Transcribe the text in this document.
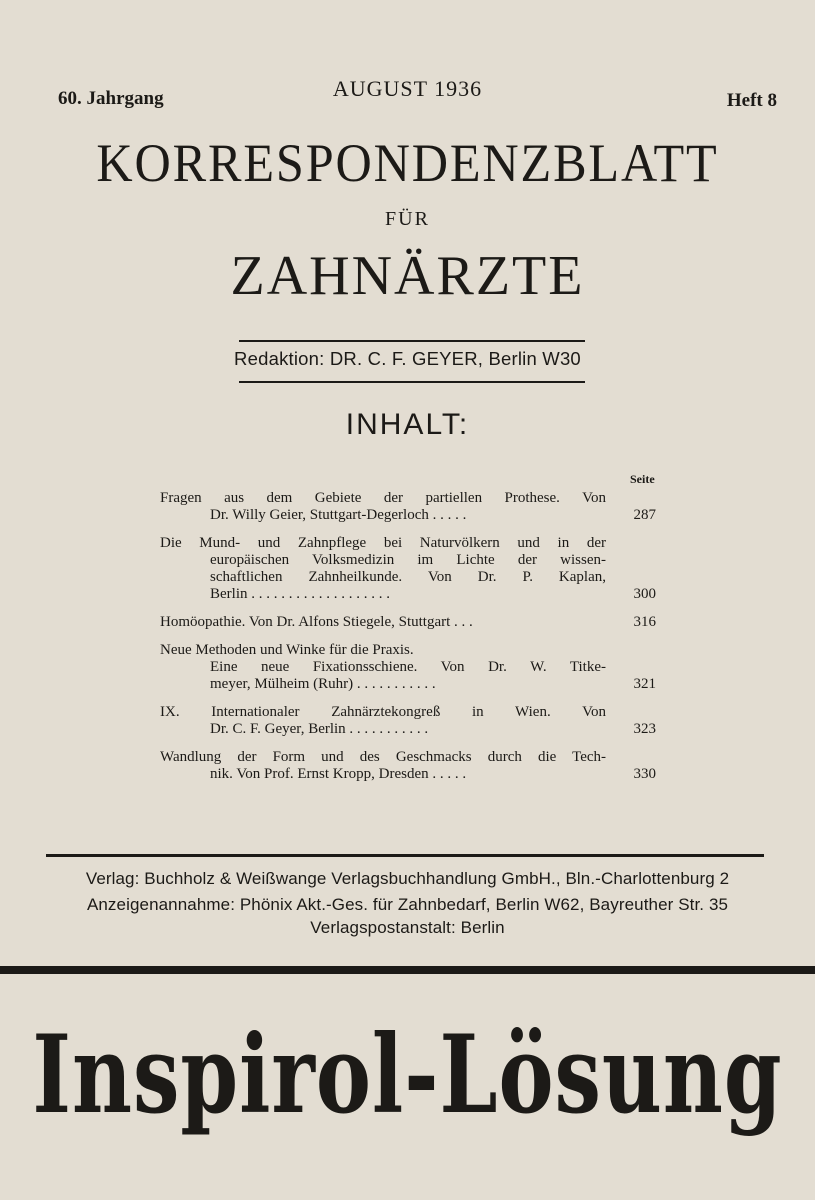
60. Jahrgang	AUGUST 1936	Heft 8
KORRESPONDENZBLATT
FÜR
ZAHNÄRZTE
Redaktion: DR. C. F. GEYER, Berlin W30
INHALT:
Seite
Fragen aus dem Gebiete der partiellen Prothese. Von
Dr. Willy Geier, Stuttgart-Degerloch . . . . .	287
Die Mund- und Zahnpflege bei Naturvölkern und in der
europäischen Volksmedizin im Lichte der wissen-
schaftlichen Zahnheilkunde. Von Dr. P. Kaplan,
Berlin . . . . . . . . . . . . . . . . . . .	300
Homöopathie. Von Dr. Alfons Stiegele, Stuttgart . . .	316
Neue Methoden und Winke für die Praxis.
Eine neue Fixationsschiene. Von Dr. W. Titke-
meyer, Mülheim (Ruhr) . . . . . . . . . . .	321
IX. Internationaler Zahnärztekongreß in Wien. Von
Dr. C. F. Geyer, Berlin . . . . . . . . . . .	323
Wandlung der Form und des Geschmacks durch die Tech-
nik. Von Prof. Ernst Kropp, Dresden . . . . .	330
Verlag: Buchholz & Weißwange Verlagsbuchhandlung GmbH., Bln.-Charlottenburg 2
Anzeigenannahme: Phönix Akt.-Ges. für Zahnbedarf, Berlin W62, Bayreuther Str. 35
Verlagspostanstalt: Berlin
Inspirol-Lösung
